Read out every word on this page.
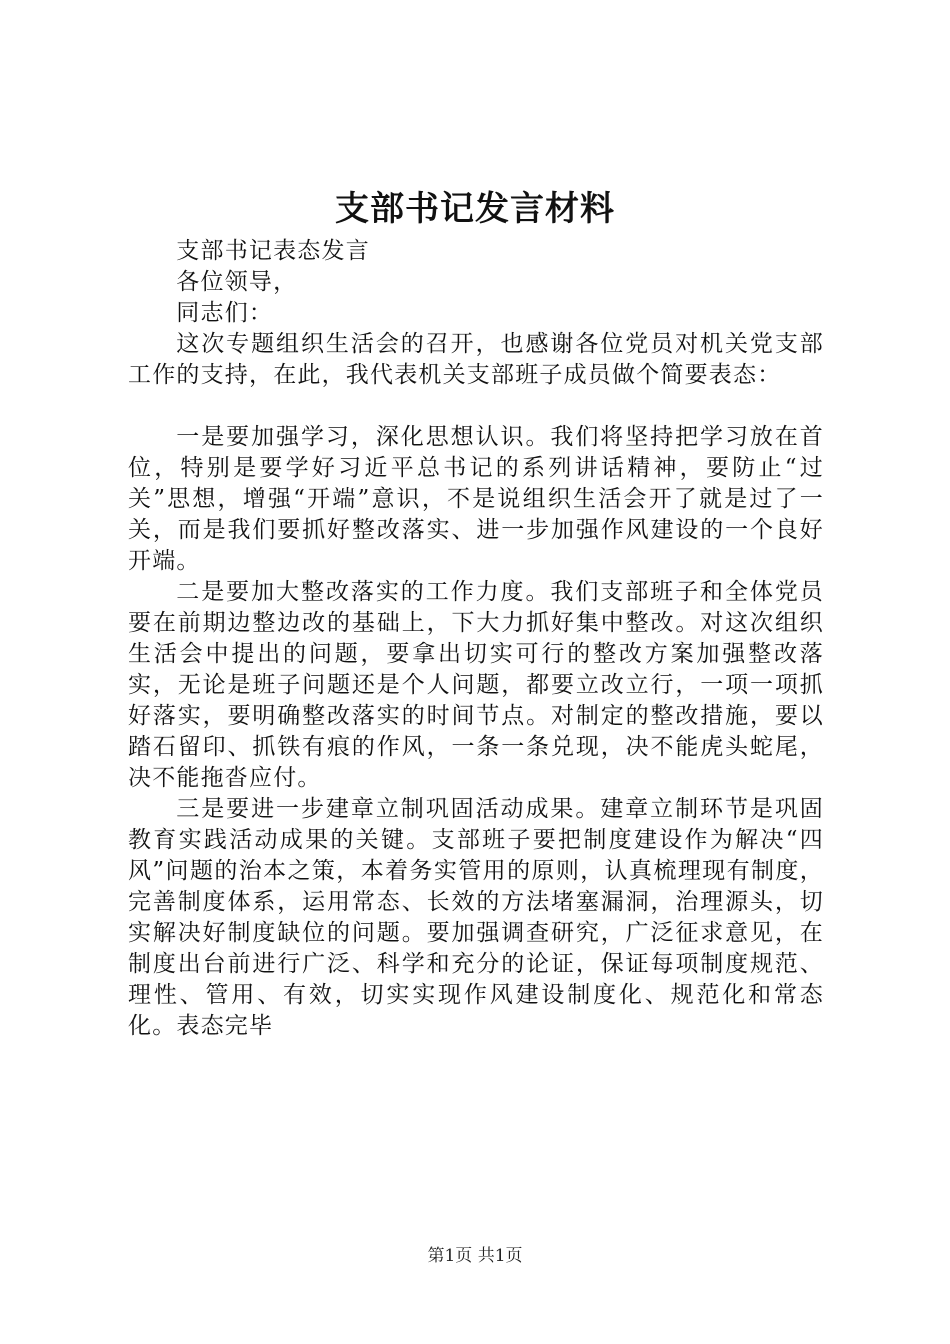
支部书记发言材料

支部书记表态发言

各位领导，

同志们：

这次专题组织生活会的召开，也感谢各位党员对机关党支部工作的支持，在此，我代表机关支部班子成员做个简要表态：

一是要加强学习，深化思想认识。我们将坚持把学习放在首位，特别是要学好习近平总书记的系列讲话精神，要防止“过关”思想，增强“开端”意识，不是说组织生活会开了就是过了一关，而是我们要抓好整改落实、进一步加强作风建设的一个良好开端。

二是要加大整改落实的工作力度。我们支部班子和全体党员要在前期边整边改的基础上，下大力抓好集中整改。对这次组织生活会中提出的问题，要拿出切实可行的整改方案加强整改落实，无论是班子问题还是个人问题，都要立改立行，一项一项抓好落实，要明确整改落实的时间节点。对制定的整改措施，要以踏石留印、抓铁有痕的作风，一条一条兑现，决不能虎头蛇尾，决不能拖沓应付。

三是要进一步建章立制巩固活动成果。建章立制环节是巩固教育实践活动成果的关键。支部班子要把制度建设作为解决“四风”问题的治本之策，本着务实管用的原则，认真梳理现有制度，完善制度体系，运用常态、长效的方法堵塞漏洞，治理源头，切实解决好制度缺位的问题。要加强调查研究，广泛征求意见，在制度出台前进行广泛、科学和充分的论证，保证每项制度规范、理性、管用、有效，切实实现作风建设制度化、规范化和常态化。表态完毕

第1页 共1页
